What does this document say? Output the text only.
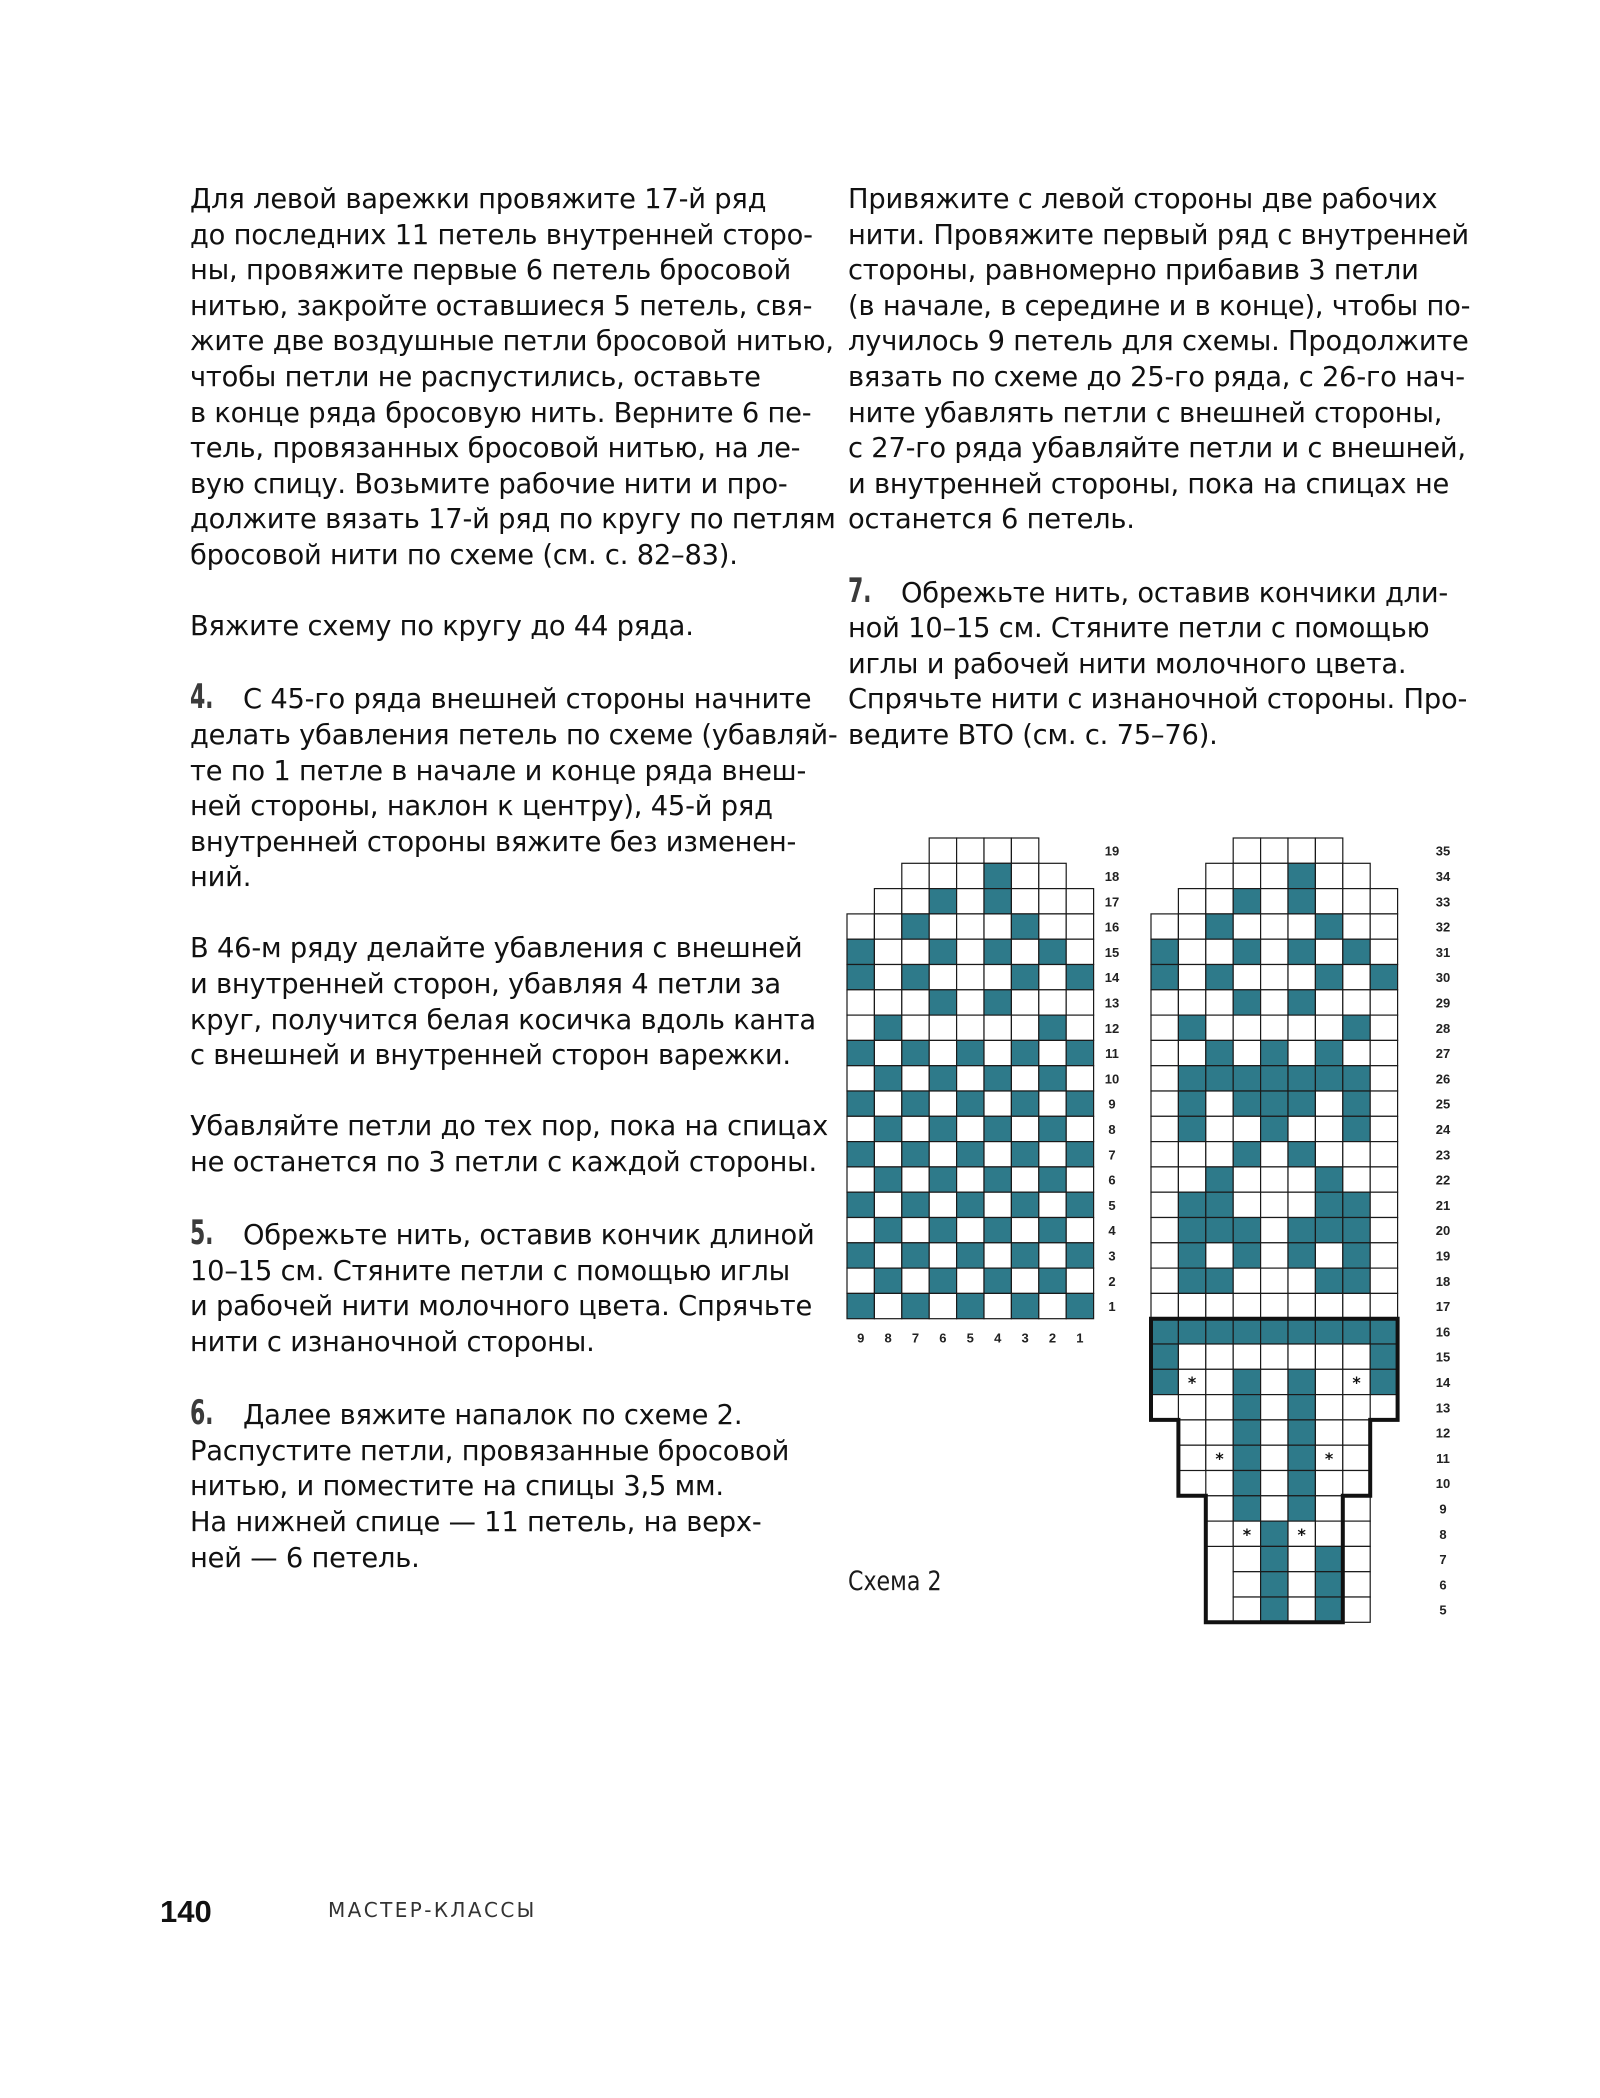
Для левой варежки провяжите 17-й ряд
до последних 11 петель внутренней сторо-
ны, провяжите первые 6 петель бросовой
нитью, закройте оставшиеся 5 петель, свя-
жите две воздушные петли бросовой нитью,
чтобы петли не распустились, оставьте
в конце ряда бросовую нить. Верните 6 пе-
тель, провязанных бросовой нитью, на ле-
вую спицу. Возьмите рабочие нити и про-
должите вязать 17-й ряд по кругу по петлям
бросовой нити по схеме (см. с. 82–83).
Вяжите схему по кругу до 44 ряда.
4. С 45-го ряда внешней стороны начните
делать убавления петель по схеме (убавляй-
те по 1 петле в начале и конце ряда внеш-
ней стороны, наклон к центру), 45-й ряд
внутренней стороны вяжите без изменен-
ний.
В 46-м ряду делайте убавления с внешней
и внутренней сторон, убавляя 4 петли за
круг, получится белая косичка вдоль канта
с внешней и внутренней сторон варежки.
Убавляйте петли до тех пор, пока на спицах
не останется по 3 петли с каждой стороны.
5. Обрежьте нить, оставив кончик длиной
10–15 см. Стяните петли с помощью иглы
и рабочей нити молочного цвета. Спрячьте
нити с изнаночной стороны.
6. Далее вяжите напалок по схеме 2.
Распустите петли, провязанные бросовой
нитью, и поместите на спицы 3,5 мм.
На нижней спице — 11 петель, на верх-
ней — 6 петель.
Привяжите с левой стороны две рабочих
нити. Провяжите первый ряд с внутренней
стороны, равномерно прибавив 3 петли
(в начале, в середине и в конце), чтобы по-
лучилось 9 петель для схемы. Продолжите
вязать по схеме до 25-го ряда, с 26-го нач-
ните убавлять петли с внешней стороны,
с 27-го ряда убавляйте петли и с внешней,
и внутренней стороны, пока на спицах не
останется 6 петель.
7. Обрежьте нить, оставив кончики дли-
ной 10–15 см. Стяните петли с помощью
иглы и рабочей нити молочного цвета.
Спрячьте нити с изнаночной стороны. Про-
ведите ВТО (см. с. 75–76).
19
18
17
16
15
14
13
12
11
10
9
8
7
6
5
4
3
2
1
9 8 7 6 5 4 3 2 1
35
34
33
32
31
30
29
28
27
26
25
24
23
22
21
20
19
18
17
16
15
*	*	14
13
12
*	*	11
10
9
*	*	8
7
6
5
Схема 2
140	МАСТЕР-КЛАССЫ
